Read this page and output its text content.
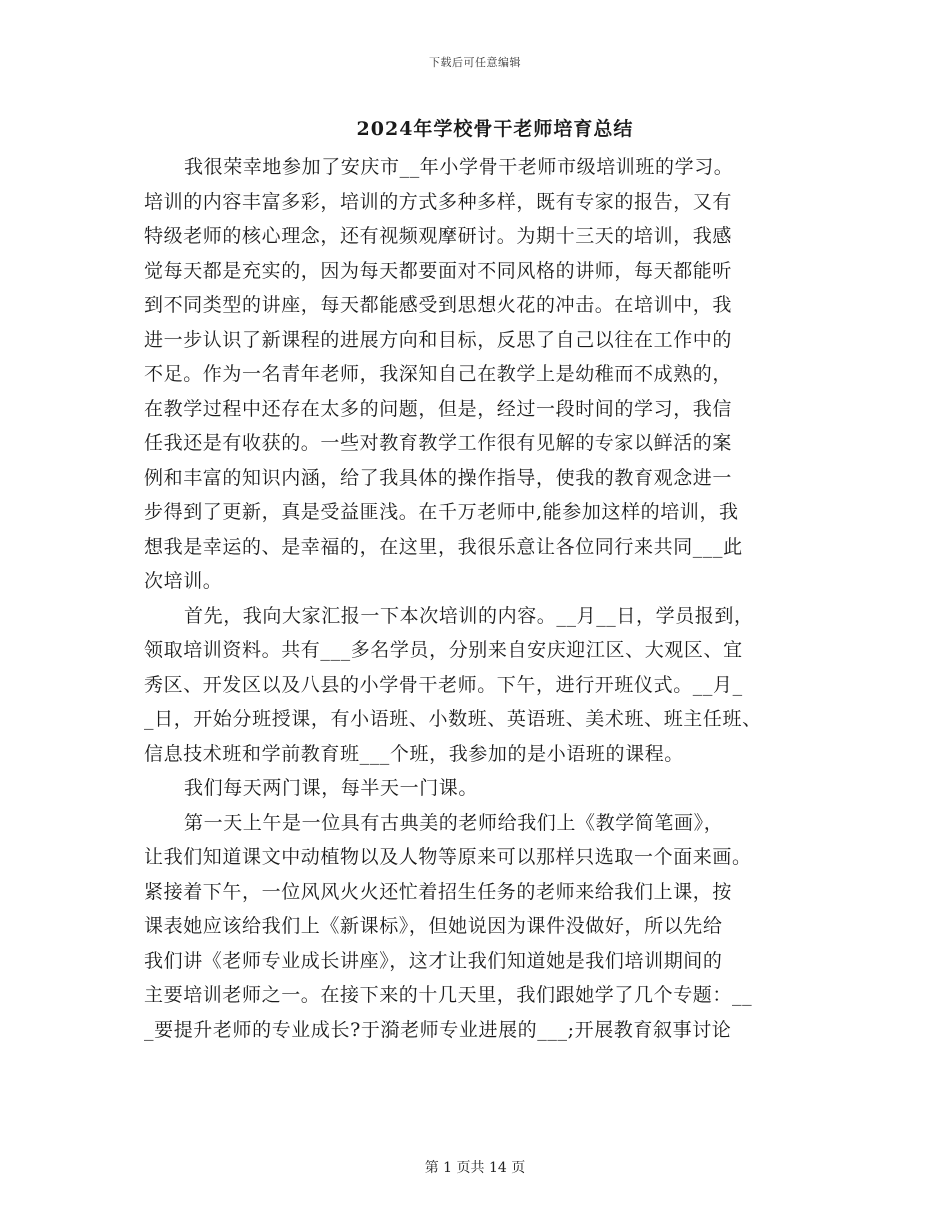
下载后可任意编辑
2024年学校骨干老师培育总结
我很荣幸地参加了安庆市__年小学骨干老师市级培训班的学习。
培训的内容丰富多彩，培训的方式多种多样，既有专家的报告，又有
特级老师的核心理念，还有视频观摩研讨。为期十三天的培训，我感
觉每天都是充实的，因为每天都要面对不同风格的讲师，每天都能听
到不同类型的讲座，每天都能感受到思想火花的冲击。在培训中，我
进一步认识了新课程的进展方向和目标，反思了自己以往在工作中的
不足。作为一名青年老师，我深知自己在教学上是幼稚而不成熟的，
在教学过程中还存在太多的问题，但是，经过一段时间的学习，我信
任我还是有收获的。一些对教育教学工作很有见解的专家以鲜活的案
例和丰富的知识内涵，给了我具体的操作指导，使我的教育观念进一
步得到了更新，真是受益匪浅。在千万老师中,能参加这样的培训，我
想我是幸运的、是幸福的，在这里，我很乐意让各位同行来共同___此
次培训。
首先，我向大家汇报一下本次培训的内容。__月__日，学员报到，
领取培训资料。共有___多名学员，分别来自安庆迎江区、大观区、宜
秀区、开发区以及八县的小学骨干老师。下午，进行开班仪式。__月_
_日，开始分班授课，有小语班、小数班、英语班、美术班、班主任班、
信息技术班和学前教育班___个班，我参加的是小语班的课程。
我们每天两门课，每半天一门课。
第一天上午是一位具有古典美的老师给我们上《教学简笔画》，
让我们知道课文中动植物以及人物等原来可以那样只选取一个面来画。
紧接着下午，一位风风火火还忙着招生任务的老师来给我们上课，按
课表她应该给我们上《新课标》，但她说因为课件没做好，所以先给
我们讲《老师专业成长讲座》，这才让我们知道她是我们培训期间的
主要培训老师之一。在接下来的十几天里，我们跟她学了几个专题：__
_要提升老师的专业成长?于漪老师专业进展的___;开展教育叙事讨论
第 1 页共 14 页
